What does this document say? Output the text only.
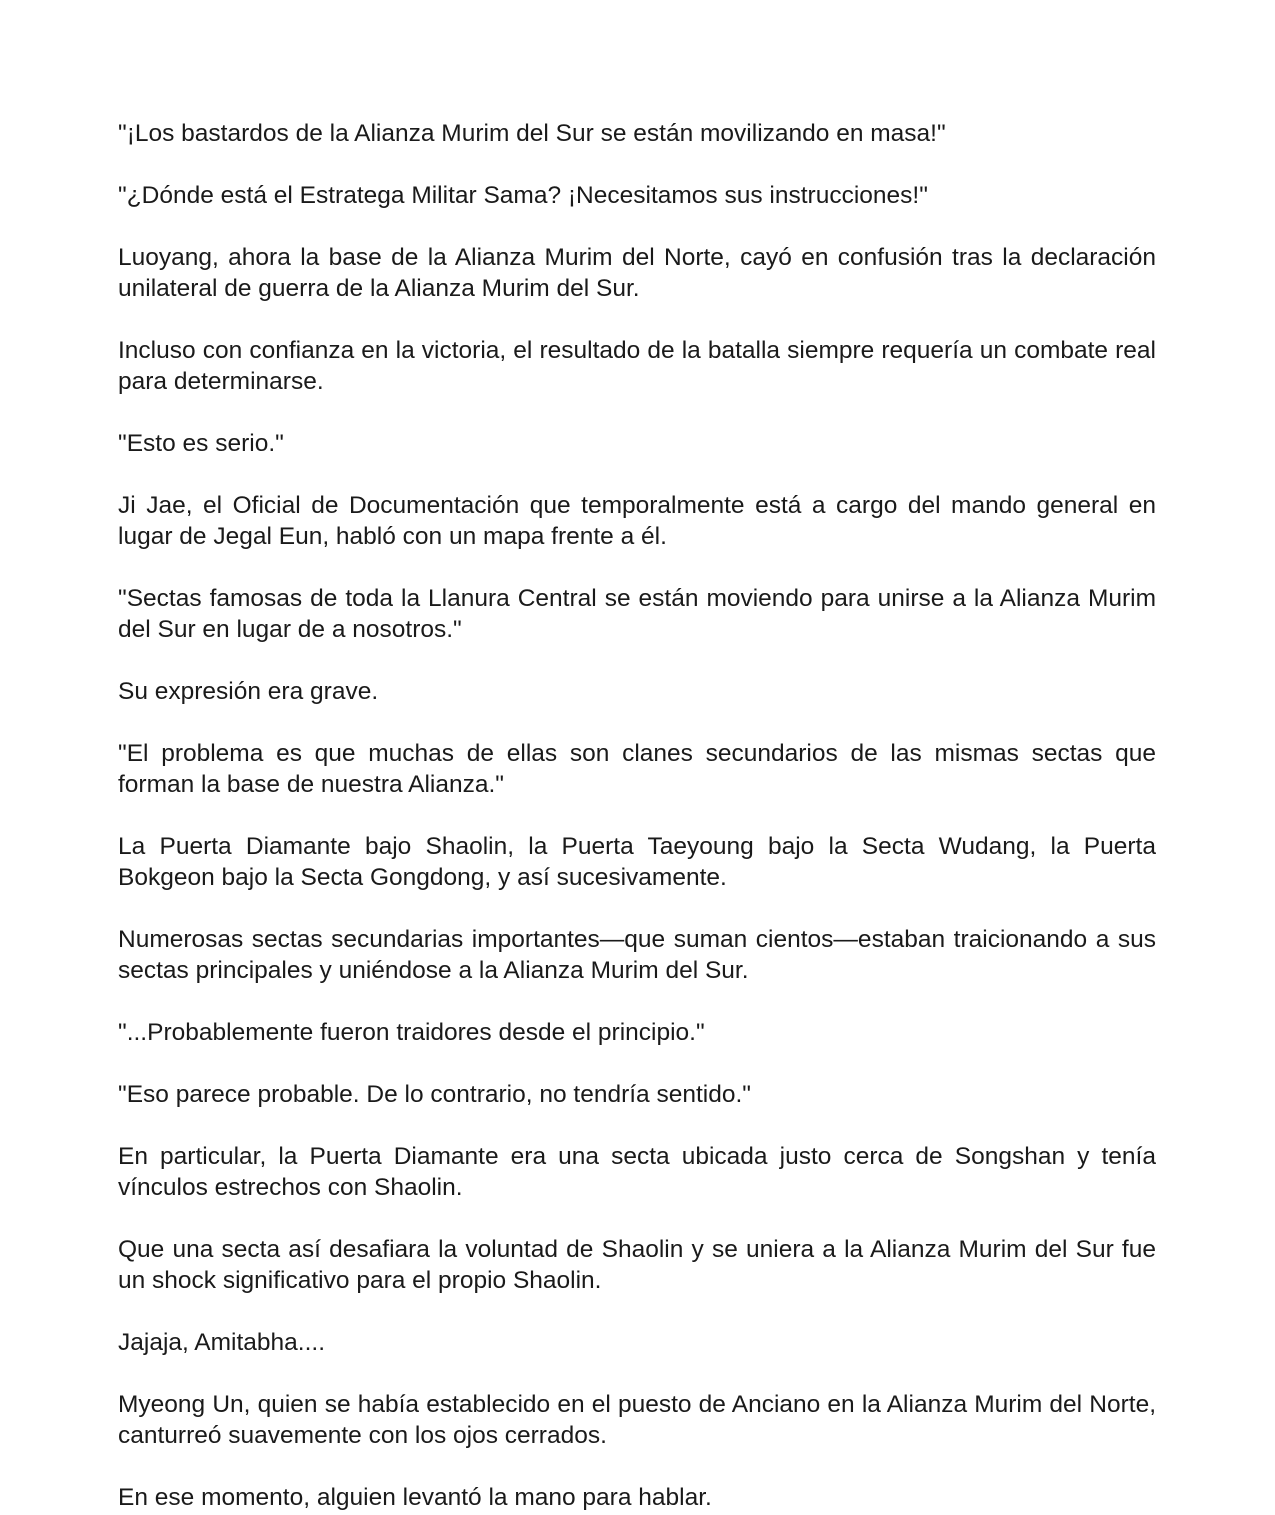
"¡Los bastardos de la Alianza Murim del Sur se están movilizando en masa!"

"¿Dónde está el Estratega Militar Sama? ¡Necesitamos sus instrucciones!"

Luoyang, ahora la base de la Alianza Murim del Norte, cayó en confusión tras la declaración unilateral de guerra de la Alianza Murim del Sur.

Incluso con confianza en la victoria, el resultado de la batalla siempre requería un combate real para determinarse.

"Esto es serio."

Ji Jae, el Oficial de Documentación que temporalmente está a cargo del mando general en lugar de Jegal Eun, habló con un mapa frente a él.

"Sectas famosas de toda la Llanura Central se están moviendo para unirse a la Alianza Murim del Sur en lugar de a nosotros."

Su expresión era grave.

"El problema es que muchas de ellas son clanes secundarios de las mismas sectas que forman la base de nuestra Alianza."

La Puerta Diamante bajo Shaolin, la Puerta Taeyoung bajo la Secta Wudang, la Puerta Bokgeon bajo la Secta Gongdong, y así sucesivamente.

Numerosas sectas secundarias importantes—que suman cientos—estaban traicionando a sus sectas principales y uniéndose a la Alianza Murim del Sur.

"...Probablemente fueron traidores desde el principio."

"Eso parece probable. De lo contrario, no tendría sentido."

En particular, la Puerta Diamante era una secta ubicada justo cerca de Songshan y tenía vínculos estrechos con Shaolin.

Que una secta así desafiara la voluntad de Shaolin y se uniera a la Alianza Murim del Sur fue un shock significativo para el propio Shaolin.

Jajaja, Amitabha....

Myeong Un, quien se había establecido en el puesto de Anciano en la Alianza Murim del Norte, canturreó suavemente con los ojos cerrados.

En ese momento, alguien levantó la mano para hablar.
